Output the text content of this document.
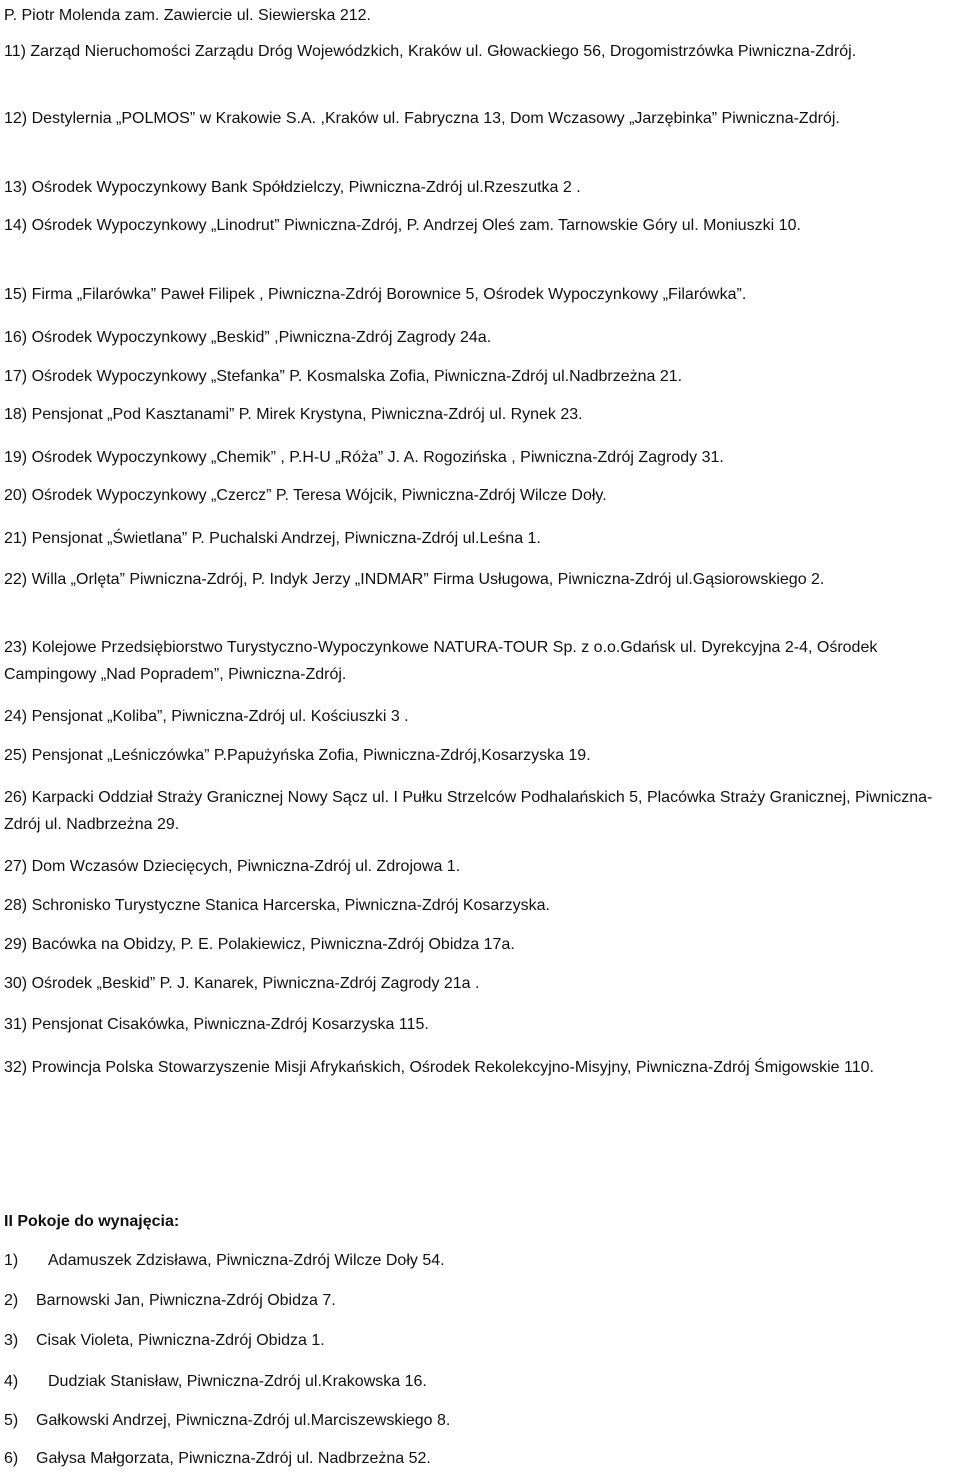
P. Piotr Molenda zam. Zawiercie ul. Siewierska 212.
11) Zarząd Nieruchomości Zarządu Dróg Wojewódzkich, Kraków ul. Głowackiego 56, Drogomistrzówka Piwniczna-Zdrój.
12) Destylernia „POLMOS” w Krakowie S.A. ,Kraków ul. Fabryczna 13, Dom Wczasowy „Jarzębinka” Piwniczna-Zdrój.
13) Ośrodek Wypoczynkowy Bank Spółdzielczy, Piwniczna-Zdrój ul.Rzeszutka 2 .
14) Ośrodek Wypoczynkowy „Linodrut” Piwniczna-Zdrój, P. Andrzej Oleś zam. Tarnowskie Góry ul. Moniuszki 10.
15) Firma „Filarówka” Paweł Filipek , Piwniczna-Zdrój Borownice 5, Ośrodek Wypoczynkowy „Filarówka”.
16) Ośrodek Wypoczynkowy „Beskid” ,Piwniczna-Zdrój Zagrody 24a.
17) Ośrodek Wypoczynkowy „Stefanka” P. Kosmalska Zofia, Piwniczna-Zdrój ul.Nadbrzeżna 21.
18) Pensjonat „Pod Kasztanami” P. Mirek Krystyna, Piwniczna-Zdrój ul. Rynek 23.
19) Ośrodek Wypoczynkowy „Chemik” , P.H-U „Róża” J. A. Rogozińska , Piwniczna-Zdrój Zagrody 31.
20) Ośrodek Wypoczynkowy „Czercz” P. Teresa Wójcik, Piwniczna-Zdrój Wilcze Doły.
21) Pensjonat „Świetlana” P. Puchalski Andrzej, Piwniczna-Zdrój ul.Leśna 1.
22) Willa „Orlęta” Piwniczna-Zdrój, P. Indyk Jerzy „INDMAR” Firma Usługowa, Piwniczna-Zdrój ul.Gąsiorowskiego 2.
23) Kolejowe Przedsiębiorstwo Turystyczno-Wypoczynkowe NATURA-TOUR Sp. z o.o.Gdańsk ul. Dyrekcyjna 2-4, Ośrodek Campingowy „Nad Popradem”, Piwniczna-Zdrój.
24) Pensjonat „Koliba”, Piwniczna-Zdrój ul. Kościuszki 3 .
25) Pensjonat „Leśniczówka” P.Papużyńska Zofia, Piwniczna-Zdrój,Kosarzyska 19.
26) Karpacki Oddział Straży Granicznej Nowy Sącz ul. I Pułku Strzelców Podhalańskich 5, Placówka Straży Granicznej, Piwniczna-Zdrój ul. Nadbrzeżna 29.
27) Dom Wczasów Dziecięcych, Piwniczna-Zdrój ul. Zdrojowa 1.
28) Schronisko Turystyczne Stanica Harcerska, Piwniczna-Zdrój Kosarzyska.
29) Bacówka na Obidzy, P. E. Polakiewicz, Piwniczna-Zdrój Obidza 17a.
30) Ośrodek „Beskid” P. J. Kanarek, Piwniczna-Zdrój Zagrody 21a .
31) Pensjonat Cisakówka, Piwniczna-Zdrój Kosarzyska 115.
32) Prowincja Polska Stowarzyszenie Misji Afrykańskich, Ośrodek Rekolekcyjno-Misyjny, Piwniczna-Zdrój Śmigowskie 110.
II Pokoje do wynajęcia:
1) Adamuszek Zdzisława, Piwniczna-Zdrój Wilcze Doły 54.
2) Barnowski Jan, Piwniczna-Zdrój Obidza 7.
3) Cisak Violeta, Piwniczna-Zdrój Obidza 1.
4) Dudziak Stanisław, Piwniczna-Zdrój ul.Krakowska 16.
5) Gałkowski Andrzej, Piwniczna-Zdrój ul.Marciszewskiego 8.
6) Gałysa Małgorzata, Piwniczna-Zdrój ul. Nadbrzeżna 52.
